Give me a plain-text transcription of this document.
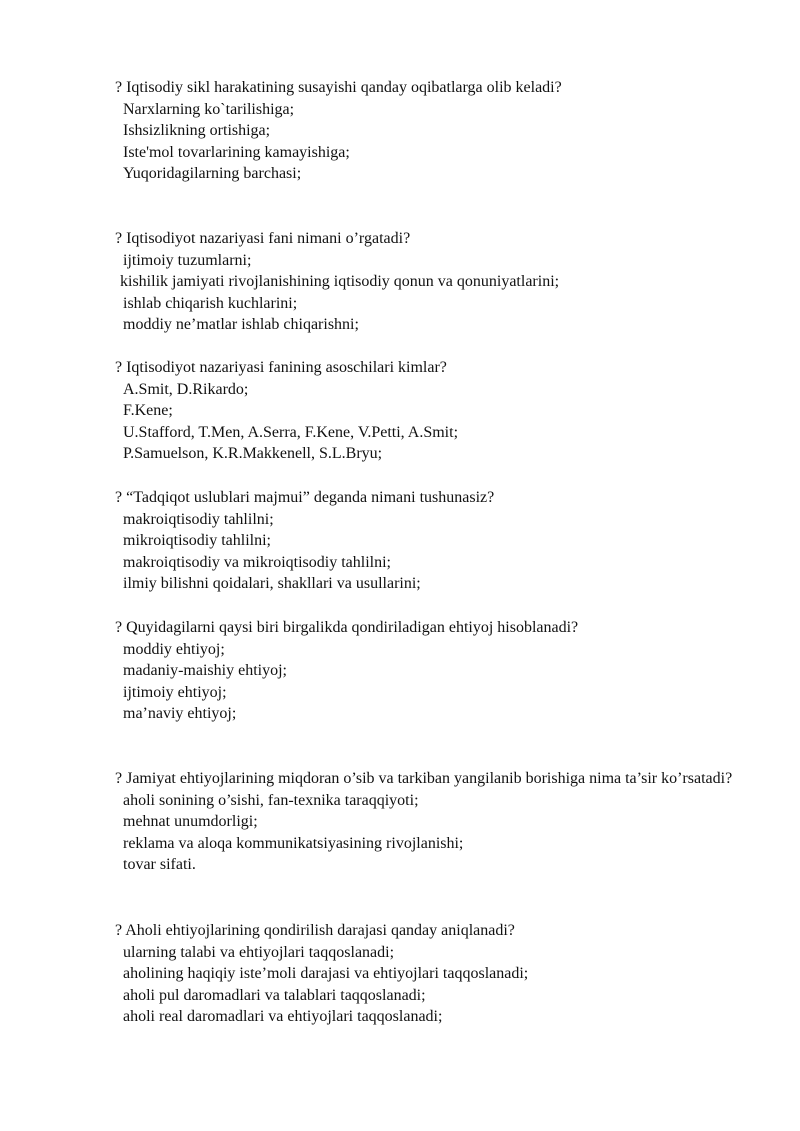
? Iqtisodiy sikl harakatining susayishi qanday oqibatlarga olib keladi?

Narxlarning ko`tarilishiga;

Ishsizlikning ortishiga;

Iste'mol tovarlarining kamayishiga;

Yuqoridagilarning barchasi;

? Iqtisodiyot nazariyasi fani nimani o’rgatadi?

ijtimoiy tuzumlarni;

kishilik jamiyati rivojlanishining iqtisodiy qonun va qonuniyatlarini;

ishlab chiqarish kuchlarini;

moddiy ne’matlar ishlab chiqarishni;

? Iqtisodiyot nazariyasi fanining asoschilari kimlar?

A.Smit, D.Rikardo;

F.Kene;

U.Stafford, T.Men, A.Serra, F.Kene, V.Petti, A.Smit;

P.Samuelson, K.R.Makkenell, S.L.Bryu;

? “Tadqiqot uslublari majmui” deganda nimani tushunasiz?

makroiqtisodiy tahlilni;

mikroiqtisodiy tahlilni;

makroiqtisodiy va mikroiqtisodiy tahlilni;

ilmiy bilishni qoidalari, shakllari va usullarini;

? Quyidagilarni qaysi biri birgalikda qondiriladigan ehtiyoj hisoblanadi?

moddiy ehtiyoj;

madaniy-maishiy ehtiyoj;

ijtimoiy ehtiyoj;

ma’naviy ehtiyoj;

? Jamiyat ehtiyojlarining miqdoran o’sib va tarkiban yangilanib borishiga nima ta’sir ko’rsatadi?

aholi sonining o’sishi, fan-texnika taraqqiyoti;

mehnat unumdorligi;

reklama va aloqa kommunikatsiyasining rivojlanishi;

tovar sifati.

? Aholi ehtiyojlarining qondirilish darajasi qanday aniqlanadi?

ularning talabi va ehtiyojlari taqqoslanadi;

aholining haqiqiy iste’moli darajasi va ehtiyojlari taqqoslanadi;

aholi pul daromadlari va talablari taqqoslanadi;

aholi real daromadlari va ehtiyojlari taqqoslanadi;
